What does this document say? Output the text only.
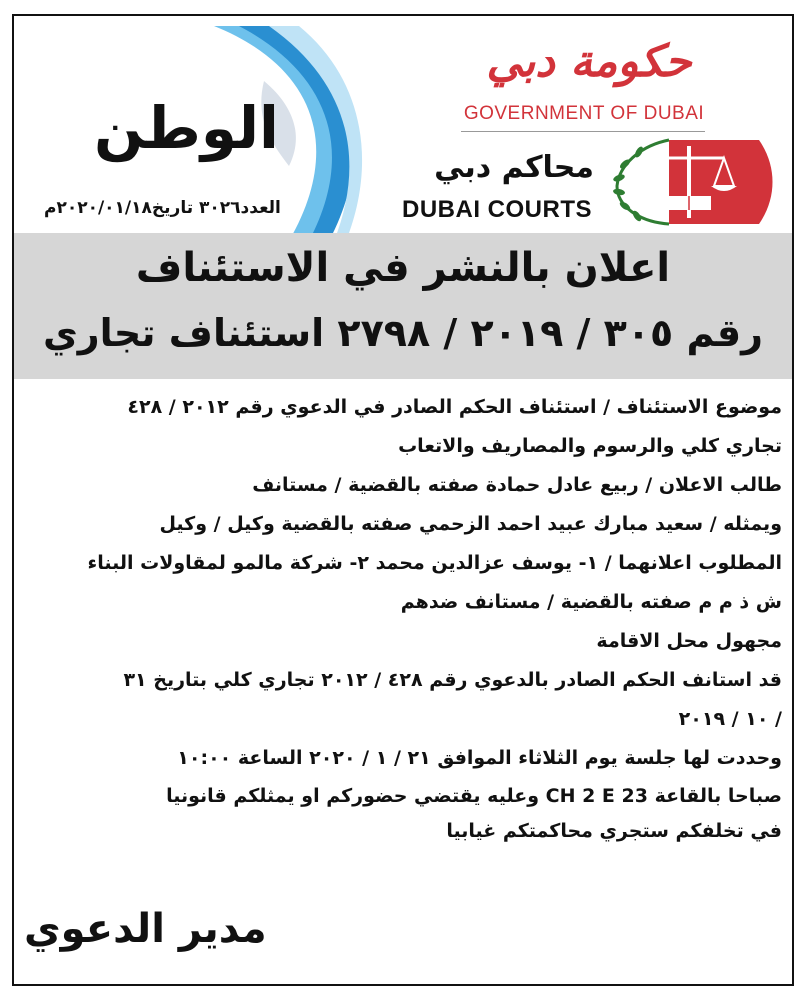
الوطن
العدد٣٠٢٦ تاريخ٢٠٢٠/٠١/١٨م
حكومة دبي
GOVERNMENT OF DUBAI
محاكم دبي
DUBAI COURTS
اعلان بالنشر في الاستئناف
رقم ٣٠٥ / ٢٠١٩ / ٢٧٩٨ استئناف تجاري
موضوع الاستئناف / استئناف الحكم الصادر في الدعوي رقم ٢٠١٢ / ٤٢٨
تجاري كلي والرسوم والمصاريف والاتعاب
طالب الاعلان / ربيع عادل حمادة صفته بالقضية / مستانف
ويمثله / سعيد مبارك عبيد احمد الزحمي صفته بالقضية وكيل / وكيل
المطلوب اعلانهما / ١- يوسف عزالدين محمد ٢- شركة مالمو لمقاولات البناء
ش ذ م م صفته بالقضية / مستانف ضدهم
مجهول محل الاقامة
قد استانف الحكم الصادر بالدعوي رقم ٤٢٨ / ٢٠١٢ تجاري كلي بتاريخ ٣١
/ ١٠ / ٢٠١٩
وحددت لها جلسة يوم الثلاثاء الموافق ٢١ / ١ / ٢٠٢٠ الساعة ١٠:٠٠
صباحا بالقاعة CH 2 E 23 وعليه يقتضي حضوركم او يمثلكم قانونيا
في تخلفكم ستجري محاكمتكم غيابيا
مدير الدعوي
